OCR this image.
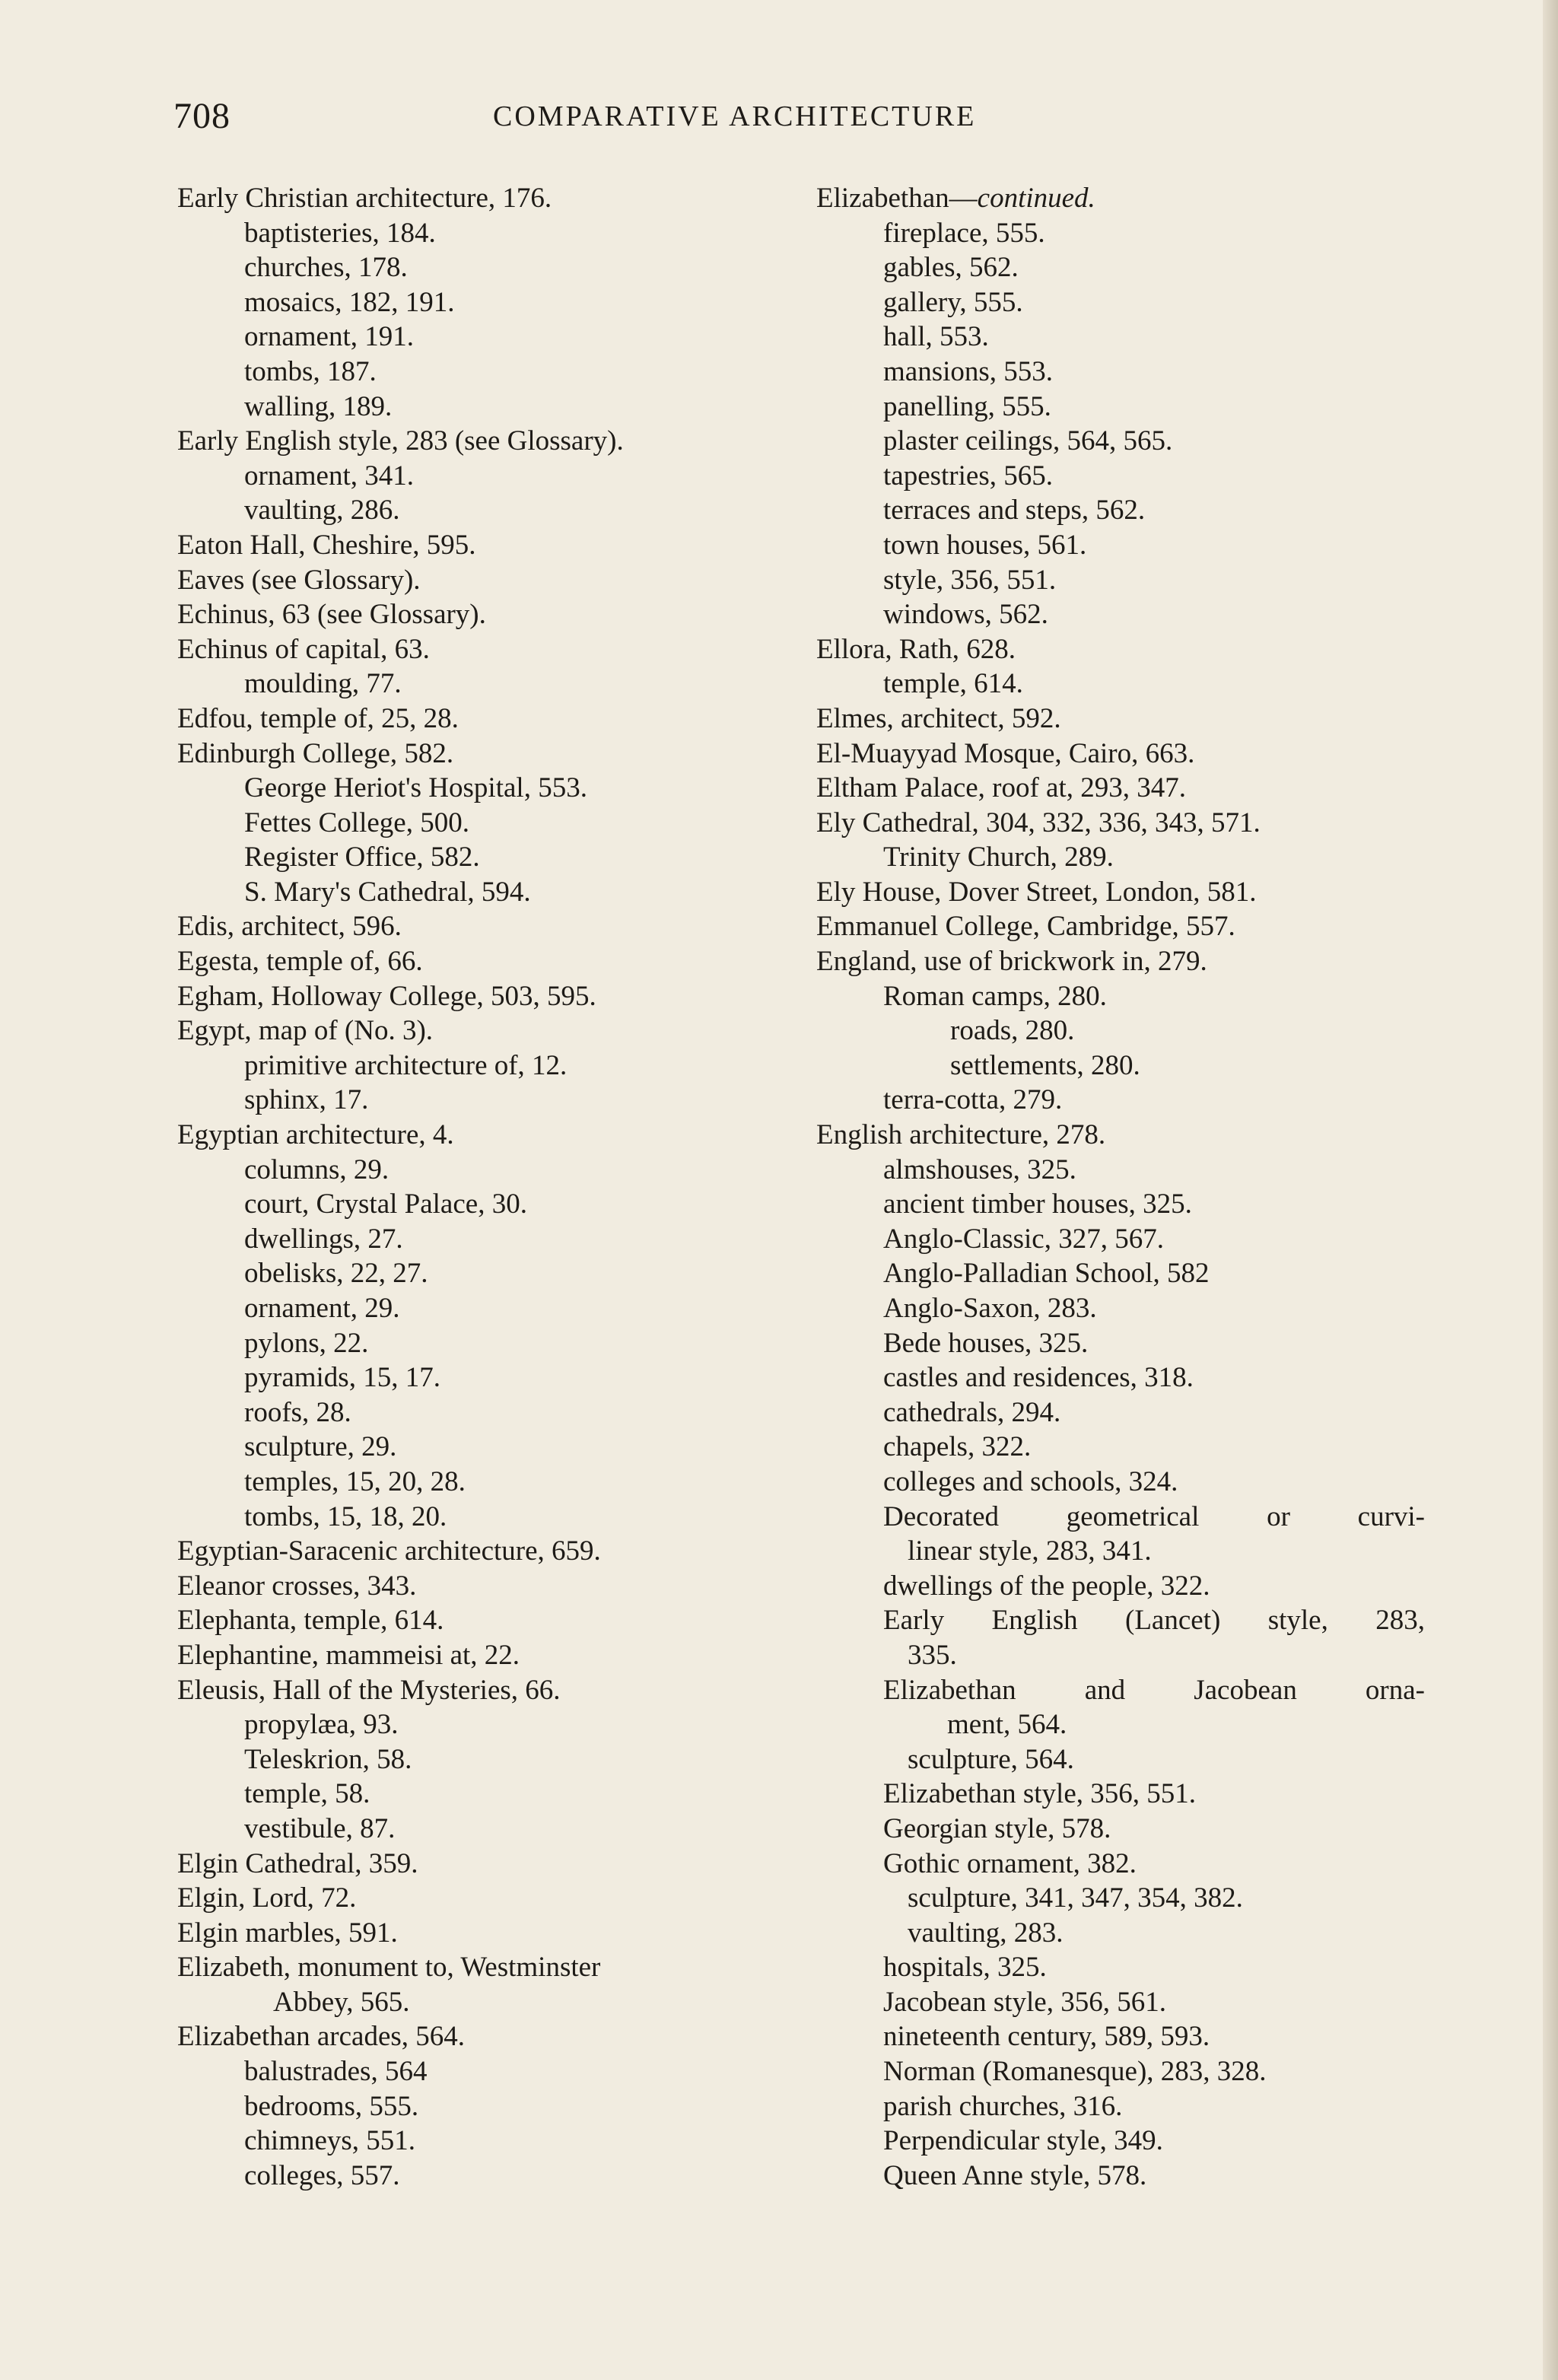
708	COMPARATIVE ARCHITECTURE
Early Christian architecture, 176.
baptisteries, 184.
churches, 178.
mosaics, 182, 191.
ornament, 191.
tombs, 187.
walling, 189.
Early English style, 283 (see Glossary).
ornament, 341.
vaulting, 286.
Eaton Hall, Cheshire, 595.
Eaves (see Glossary).
Echinus, 63 (see Glossary).
Echinus of capital, 63.
moulding, 77.
Edfou, temple of, 25, 28.
Edinburgh College, 582.
George Heriot's Hospital, 553.
Fettes College, 500.
Register Office, 582.
S. Mary's Cathedral, 594.
Edis, architect, 596.
Egesta, temple of, 66.
Egham, Holloway College, 503, 595.
Egypt, map of (No. 3).
primitive architecture of, 12.
sphinx, 17.
Egyptian architecture, 4.
columns, 29.
court, Crystal Palace, 30.
dwellings, 27.
obelisks, 22, 27.
ornament, 29.
pylons, 22.
pyramids, 15, 17.
roofs, 28.
sculpture, 29.
temples, 15, 20, 28.
tombs, 15, 18, 20.
Egyptian-Saracenic architecture, 659.
Eleanor crosses, 343.
Elephanta, temple, 614.
Elephantine, mammeisi at, 22.
Eleusis, Hall of the Mysteries, 66.
propylæa, 93.
Teleskrion, 58.
temple, 58.
vestibule, 87.
Elgin Cathedral, 359.
Elgin, Lord, 72.
Elgin marbles, 591.
Elizabeth, monument to, Westminster
Abbey, 565.
Elizabethan arcades, 564.
balustrades, 564
bedrooms, 555.
chimneys, 551.
colleges, 557.
Elizabethan—continued.
fireplace, 555.
gables, 562.
gallery, 555.
hall, 553.
mansions, 553.
panelling, 555.
plaster ceilings, 564, 565.
tapestries, 565.
terraces and steps, 562.
town houses, 561.
style, 356, 551.
windows, 562.
Ellora, Rath, 628.
temple, 614.
Elmes, architect, 592.
El-Muayyad Mosque, Cairo, 663.
Eltham Palace, roof at, 293, 347.
Ely Cathedral, 304, 332, 336, 343, 571.
Trinity Church, 289.
Ely House, Dover Street, London, 581.
Emmanuel College, Cambridge, 557.
England, use of brickwork in, 279.
Roman camps, 280.
roads, 280.
settlements, 280.
terra-cotta, 279.
English architecture, 278.
almshouses, 325.
ancient timber houses, 325.
Anglo-Classic, 327, 567.
Anglo-Palladian School, 582
Anglo-Saxon, 283.
Bede houses, 325.
castles and residences, 318.
cathedrals, 294.
chapels, 322.
colleges and schools, 324.
Decorated geometrical or curvi-
linear style, 283, 341.
dwellings of the people, 322.
Early English (Lancet) style, 283,
335.
Elizabethan and Jacobean orna-
ment, 564.
sculpture, 564.
Elizabethan style, 356, 551.
Georgian style, 578.
Gothic ornament, 382.
sculpture, 341, 347, 354, 382.
vaulting, 283.
hospitals, 325.
Jacobean style, 356, 561.
nineteenth century, 589, 593.
Norman (Romanesque), 283, 328.
parish churches, 316.
Perpendicular style, 349.
Queen Anne style, 578.
